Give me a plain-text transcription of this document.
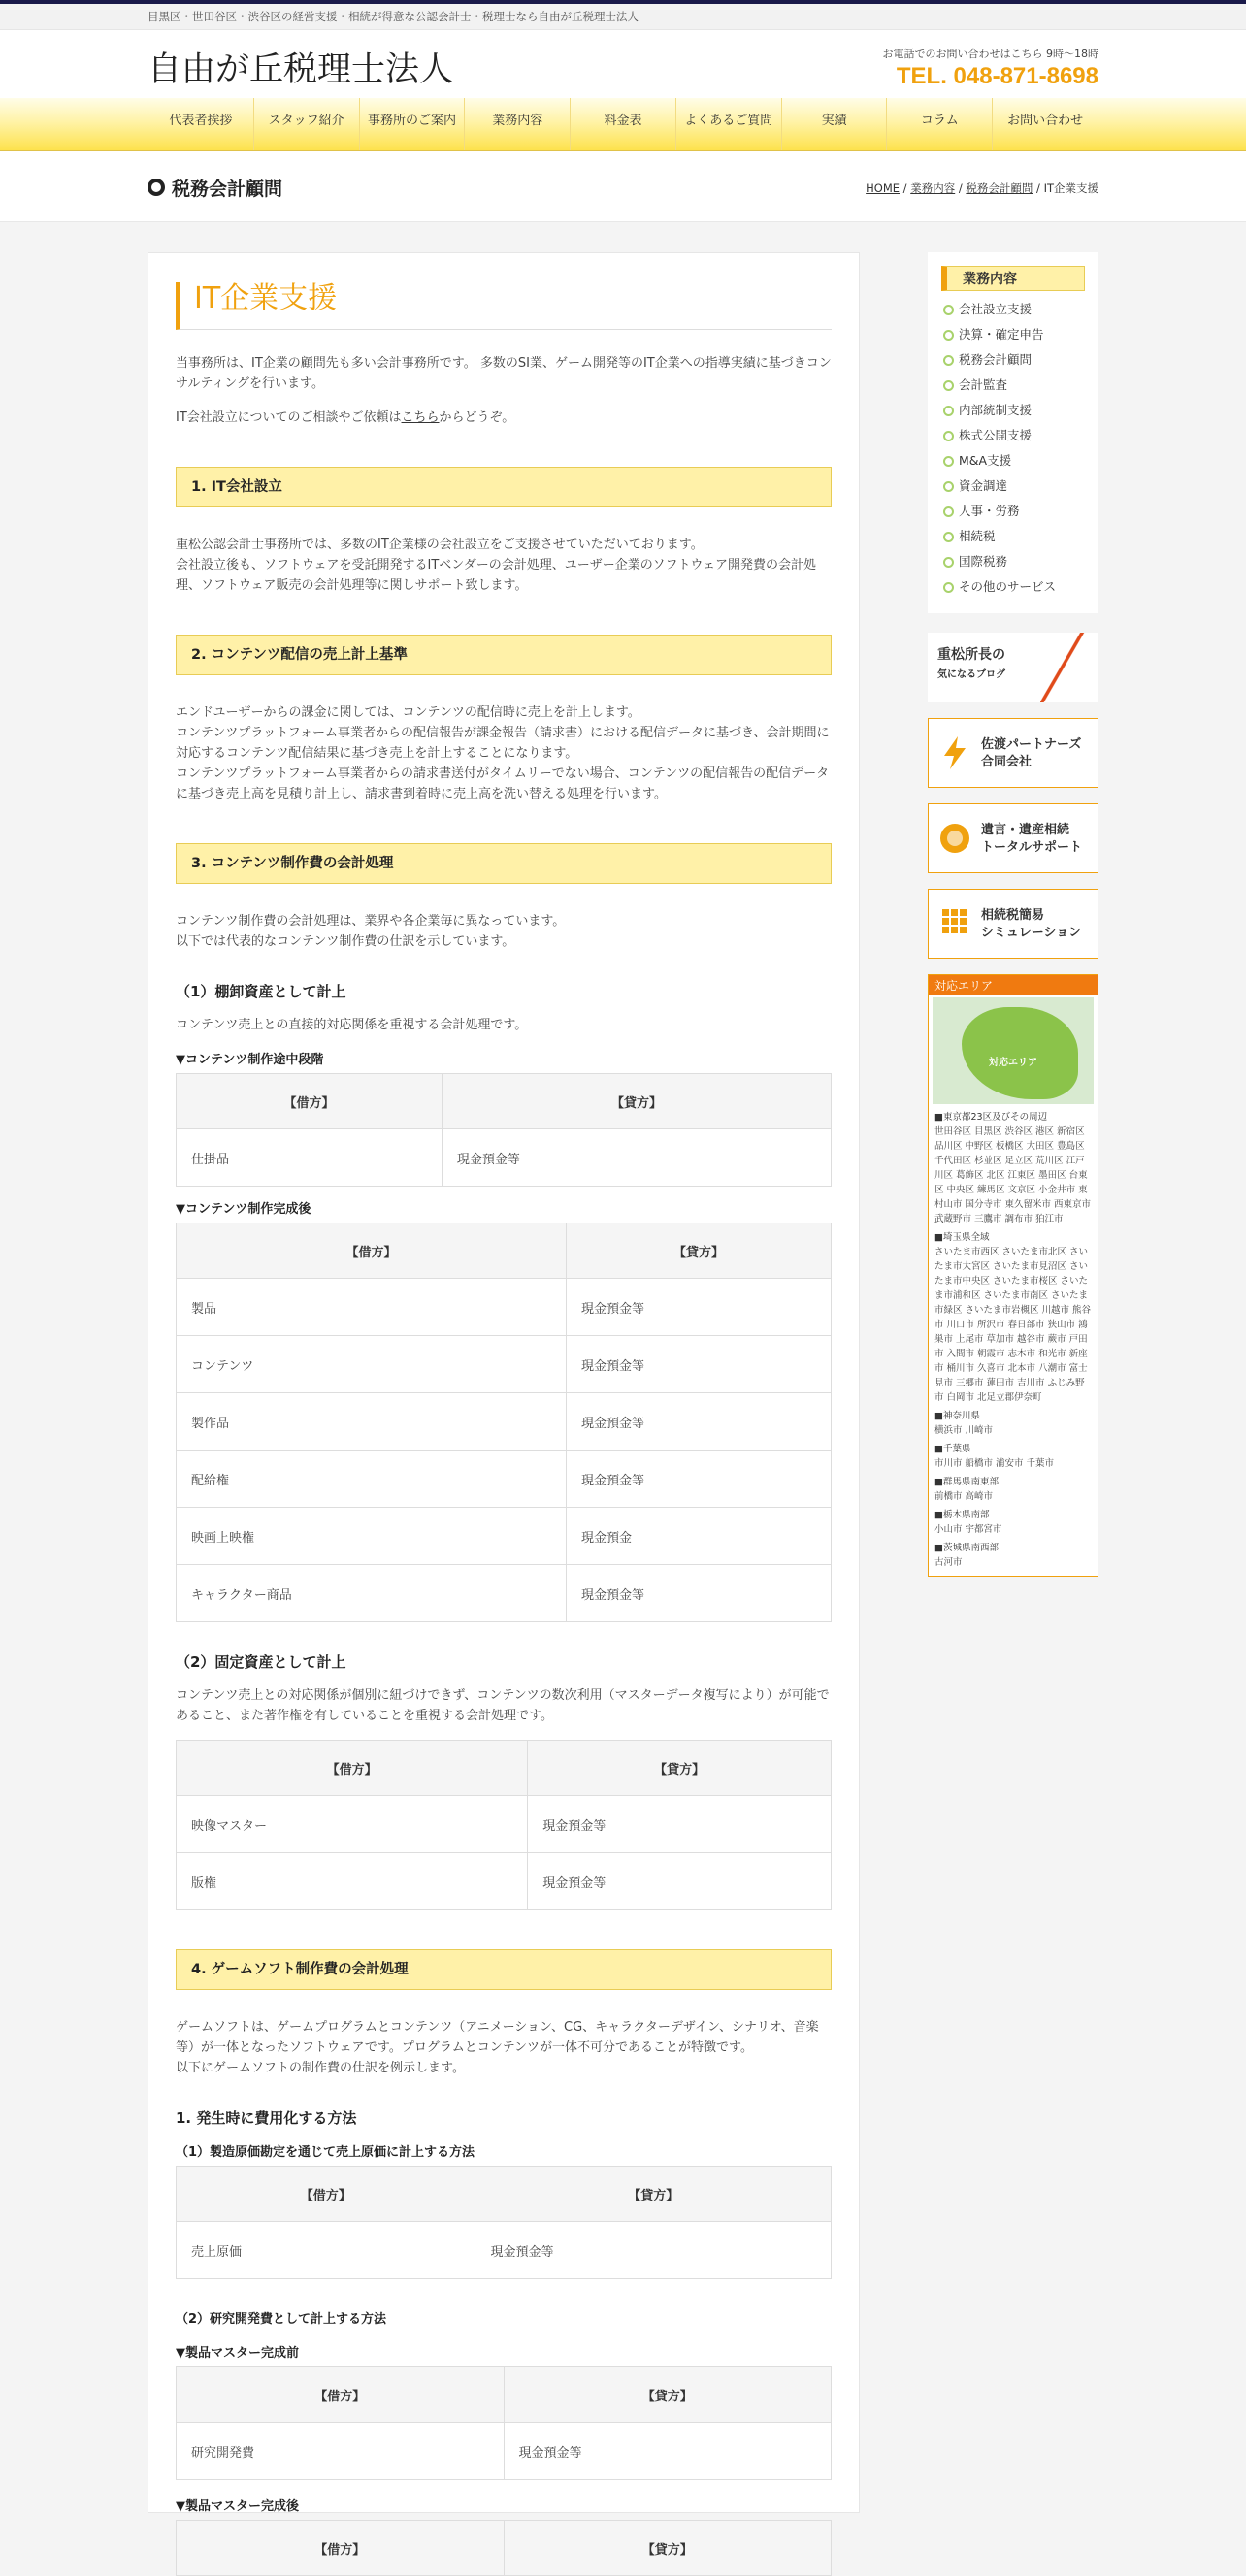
目黒区・世田谷区・渋谷区の経営支援・相続が得意な公認会計士・税理士なら自由が丘税理士法人
自由が丘税理士法人	お電話でのお問い合わせはこちら 9時～18時
TEL. 048-871-8698
代表者挨拶	スタッフ紹介	事務所のご案内	業務内容	料金表	よくあるご質問	実績	コラム	お問い合わせ
税務会計顧問	HOME / 業務内容 / 税務会計顧問 / IT企業支援
IT企業支援

当事務所は、IT企業の顧問先も多い会計事務所です。 多数のSI業、ゲーム開発等のIT企業への指導実績に基づきコンサルティングを行います。

IT会社設立についてのご相談やご依頼はこちらからどうぞ。

1. IT会社設立

重松公認会計士事務所では、多数のIT企業様の会社設立をご支援させていただいております。
会社設立後も、ソフトウェアを受託開発するITベンダーの会計処理、ユーザー企業のソフトウェア開発費の会計処理、ソフトウェア販売の会計処理等に関しサポート致します。

2. コンテンツ配信の売上計上基準

エンドユーザーからの課金に関しては、コンテンツの配信時に売上を計上します。
コンテンツプラットフォーム事業者からの配信報告が課金報告（請求書）における配信データに基づき、会計期間に対応するコンテンツ配信結果に基づき売上を計上することになります。
コンテンツプラットフォーム事業者からの請求書送付がタイムリーでない場合、コンテンツの配信報告の配信データに基づき売上高を見積り計上し、請求書到着時に売上高を洗い替える処理を行います。

3. コンテンツ制作費の会計処理

コンテンツ制作費の会計処理は、業界や各企業毎に異なっています。
以下では代表的なコンテンツ制作費の仕訳を示しています。

（1）棚卸資産として計上

コンテンツ売上との直接的対応関係を重視する会計処理です。

▼コンテンツ制作途中段階
【借方】	【貸方】
仕掛品	現金預金等
▼コンテンツ制作完成後
【借方】	【貸方】
製品	現金預金等
コンテンツ	現金預金等
製作品	現金預金等
配給権	現金預金等
映画上映権	現金預金
キャラクター商品	現金預金等
（2）固定資産として計上

コンテンツ売上との対応関係が個別に紐づけできず、コンテンツの数次利用（マスターデータ複写により）が可能であること、また著作権を有していることを重視する会計処理です。

【借方】	【貸方】
映像マスター	現金預金等
版権	現金預金等
4. ゲームソフト制作費の会計処理

ゲームソフトは、ゲームプログラムとコンテンツ（アニメーション、CG、キャラクターデザイン、シナリオ、音楽等）が一体となったソフトウェアです。プログラムとコンテンツが一体不可分であることが特徴です。
以下にゲームソフトの制作費の仕訳を例示します。

1. 発生時に費用化する方法
（1）製造原価勘定を通じて売上原価に計上する方法
【借方】	【貸方】
売上原価	現金預金等
（2）研究開発費として計上する方法
▼製品マスター完成前
【借方】	【貸方】
研究開発費	現金預金等
▼製品マスター完成後
【借方】	【貸方】
業務内容
会社設立支援
決算・確定申告
税務会計顧問
会計監査
内部統制支援
株式公開支援
M&A支援
資金調達
人事・労務
相続税
国際税務
その他のサービス
重松所長の
気になるブログ
佐渡パートナーズ
合同会社
遺言・遺産相続
トータルサポート
相続税簡易
シミュレーション
対応エリア
対応エリア
■東京都23区及びその周辺
世田谷区 目黒区 渋谷区 港区 新宿区 品川区 中野区 板橋区 大田区 豊島区 千代田区 杉並区 足立区 荒川区 江戸川区 葛飾区 北区 江東区 墨田区 台東区 中央区 練馬区 文京区 小金井市 東村山市 国分寺市 東久留米市 西東京市 武蔵野市 三鷹市 調布市 狛江市
■埼玉県全域
さいたま市西区 さいたま市北区 さいたま市大宮区 さいたま市見沼区 さいたま市中央区 さいたま市桜区 さいたま市浦和区 さいたま市南区 さいたま市緑区 さいたま市岩槻区 川越市 熊谷市 川口市 所沢市 春日部市 狭山市 鴻巣市 上尾市 草加市 越谷市 蕨市 戸田市 入間市 朝霞市 志木市 和光市 新座市 桶川市 久喜市 北本市 八潮市 富士見市 三郷市 蓮田市 吉川市 ふじみ野市 白岡市 北足立郡伊奈町
■神奈川県
横浜市 川崎市
■千葉県
市川市 船橋市 浦安市 千葉市
■群馬県南東部
前橋市 高崎市
■栃木県南部
小山市 宇都宮市
■茨城県南西部
古河市
